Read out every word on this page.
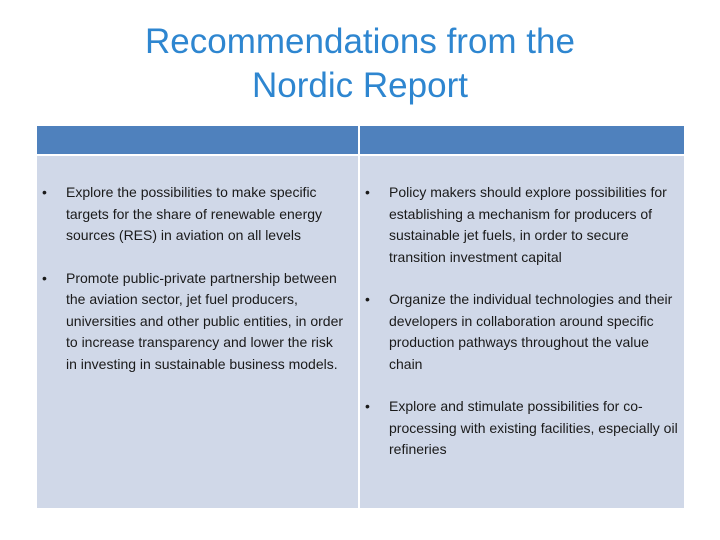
Recommendations from the
Nordic Report
• Explore the possibilities to make specific targets for the share of renewable energy sources (RES) in aviation on all levels
• Promote public-private partnership between the aviation sector, jet fuel producers, universities and other public entities, in order to increase transparency and lower the risk in investing in sustainable business models.
• Policy makers should explore possibilities for establishing a mechanism for producers of sustainable jet fuels, in order to secure transition investment capital
• Organize the individual technologies and their developers in collaboration around specific production pathways throughout the value chain
• Explore and stimulate possibilities for co-processing with existing facilities, especially oil refineries
